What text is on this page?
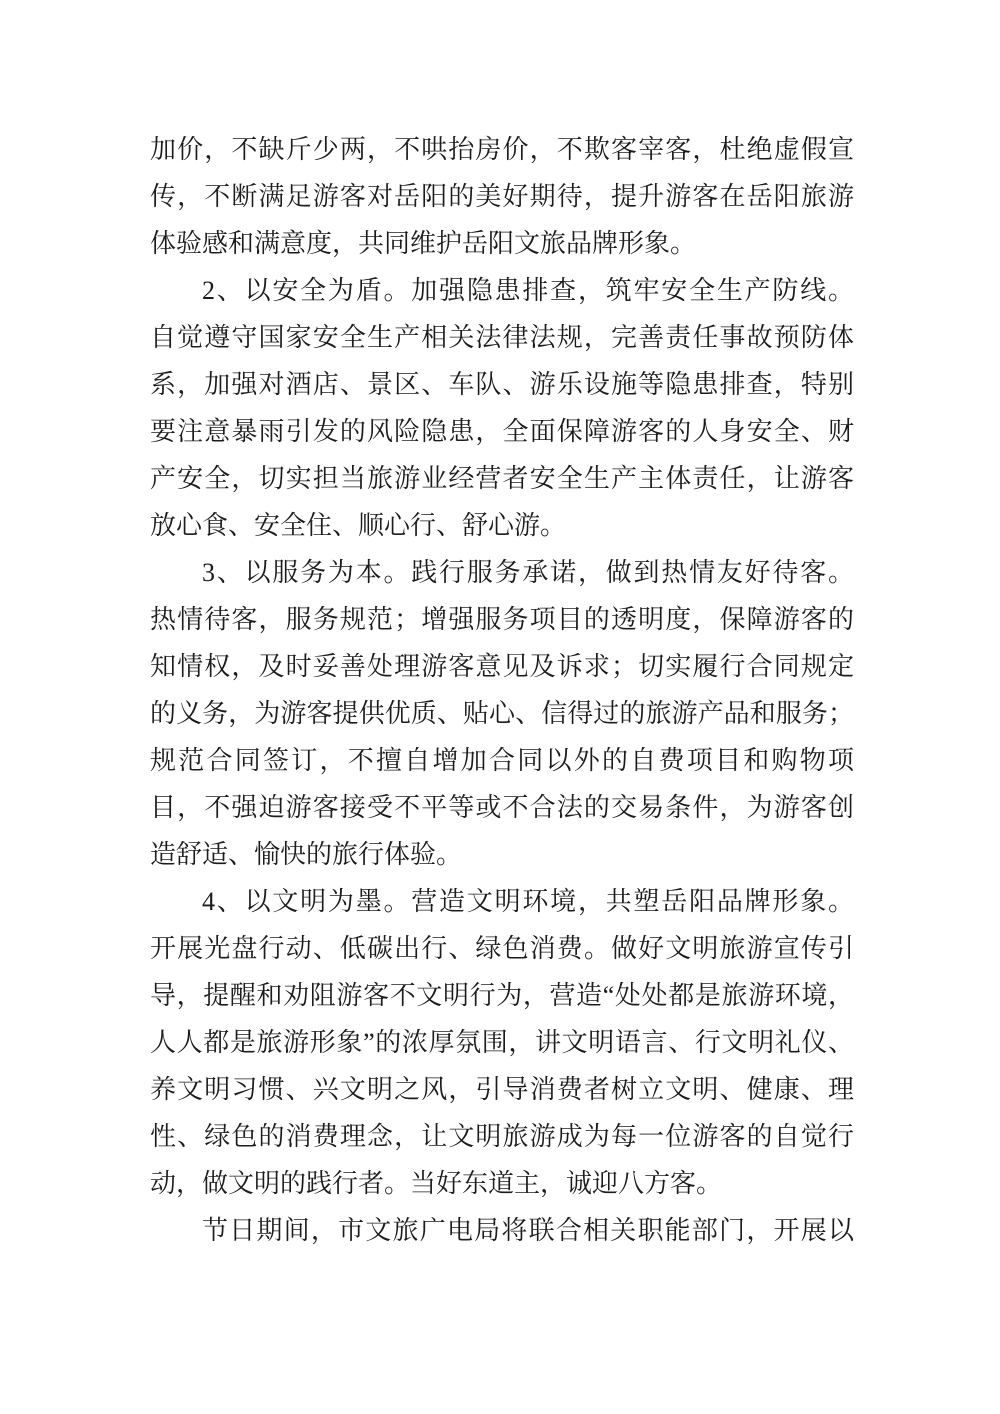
加价，不缺斤少两，不哄抬房价，不欺客宰客，杜绝虚假宣
传，不断满足游客对岳阳的美好期待，提升游客在岳阳旅游
体验感和满意度，共同维护岳阳文旅品牌形象。
2、以安全为盾。加强隐患排查，筑牢安全生产防线。
自觉遵守国家安全生产相关法律法规，完善责任事故预防体
系，加强对酒店、景区、车队、游乐设施等隐患排查，特别
要注意暴雨引发的风险隐患，全面保障游客的人身安全、财
产安全，切实担当旅游业经营者安全生产主体责任，让游客
放心食、安全住、顺心行、舒心游。
3、以服务为本。践行服务承诺，做到热情友好待客。
热情待客，服务规范；增强服务项目的透明度，保障游客的
知情权，及时妥善处理游客意见及诉求；切实履行合同规定
的义务，为游客提供优质、贴心、信得过的旅游产品和服务；
规范合同签订，不擅自增加合同以外的自费项目和购物项
目，不强迫游客接受不平等或不合法的交易条件，为游客创
造舒适、愉快的旅行体验。
4、以文明为墨。营造文明环境，共塑岳阳品牌形象。
开展光盘行动、低碳出行、绿色消费。做好文明旅游宣传引
导，提醒和劝阻游客不文明行为，营造“处处都是旅游环境，
人人都是旅游形象”的浓厚氛围，讲文明语言、行文明礼仪、
养文明习惯、兴文明之风，引导消费者树立文明、健康、理
性、绿色的消费理念，让文明旅游成为每一位游客的自觉行
动，做文明的践行者。当好东道主，诚迎八方客。
节日期间，市文旅广电局将联合相关职能部门，开展以
